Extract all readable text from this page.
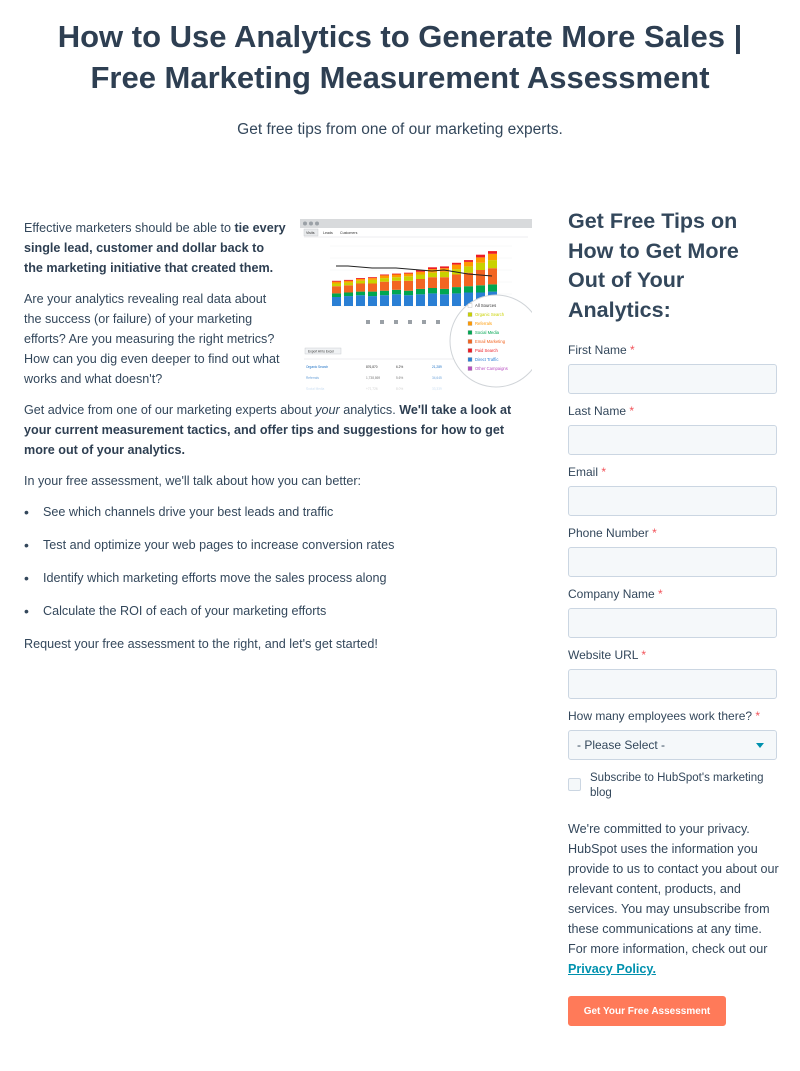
How to Use Analytics to Generate More Sales |
Free Marketing Measurement Assessment

Get free tips from one of our marketing experts.

Effective marketers should be able to tie every single lead, customer and dollar back to the marketing initiative that created them.

Are your analytics revealing real data about the success (or failure) of your marketing efforts? Are you measuring the right metrics? How can you dig even deeper to find out what works and what doesn't?

Get advice from one of our marketing experts about your analytics. We'll take a look at your current measurement tactics, and offer tips and suggestions for how to get more out of your analytics.

In your free assessment, we'll talk about how you can better:

• See which channels drive your best leads and traffic
• Test and optimize your web pages to increase conversion rates
• Identify which marketing efforts move the sales process along
• Calculate the ROI of each of your marketing efforts

Request your free assessment to the right, and let's get started!

Visits Leads Customers
Export All to Excel
Organic Search	876,870	6.2%	21,289
All Sources
Organic Search
Referrals
Social Media
Email Marketing
Paid Search
Direct Traffic
Other Campaigns
Get Free Tips on How to Get More Out of Your Analytics:
First Name *
Last Name *
Email *
Phone Number *
Company Name *
Website URL *
How many employees work there? *
- Please Select -
Subscribe to HubSpot's marketing blog

We're committed to your privacy. HubSpot uses the information you provide to us to contact you about our relevant content, products, and services. You may unsubscribe from these communications at any time. For more information, check out our Privacy Policy.

Get Your Free Assessment
